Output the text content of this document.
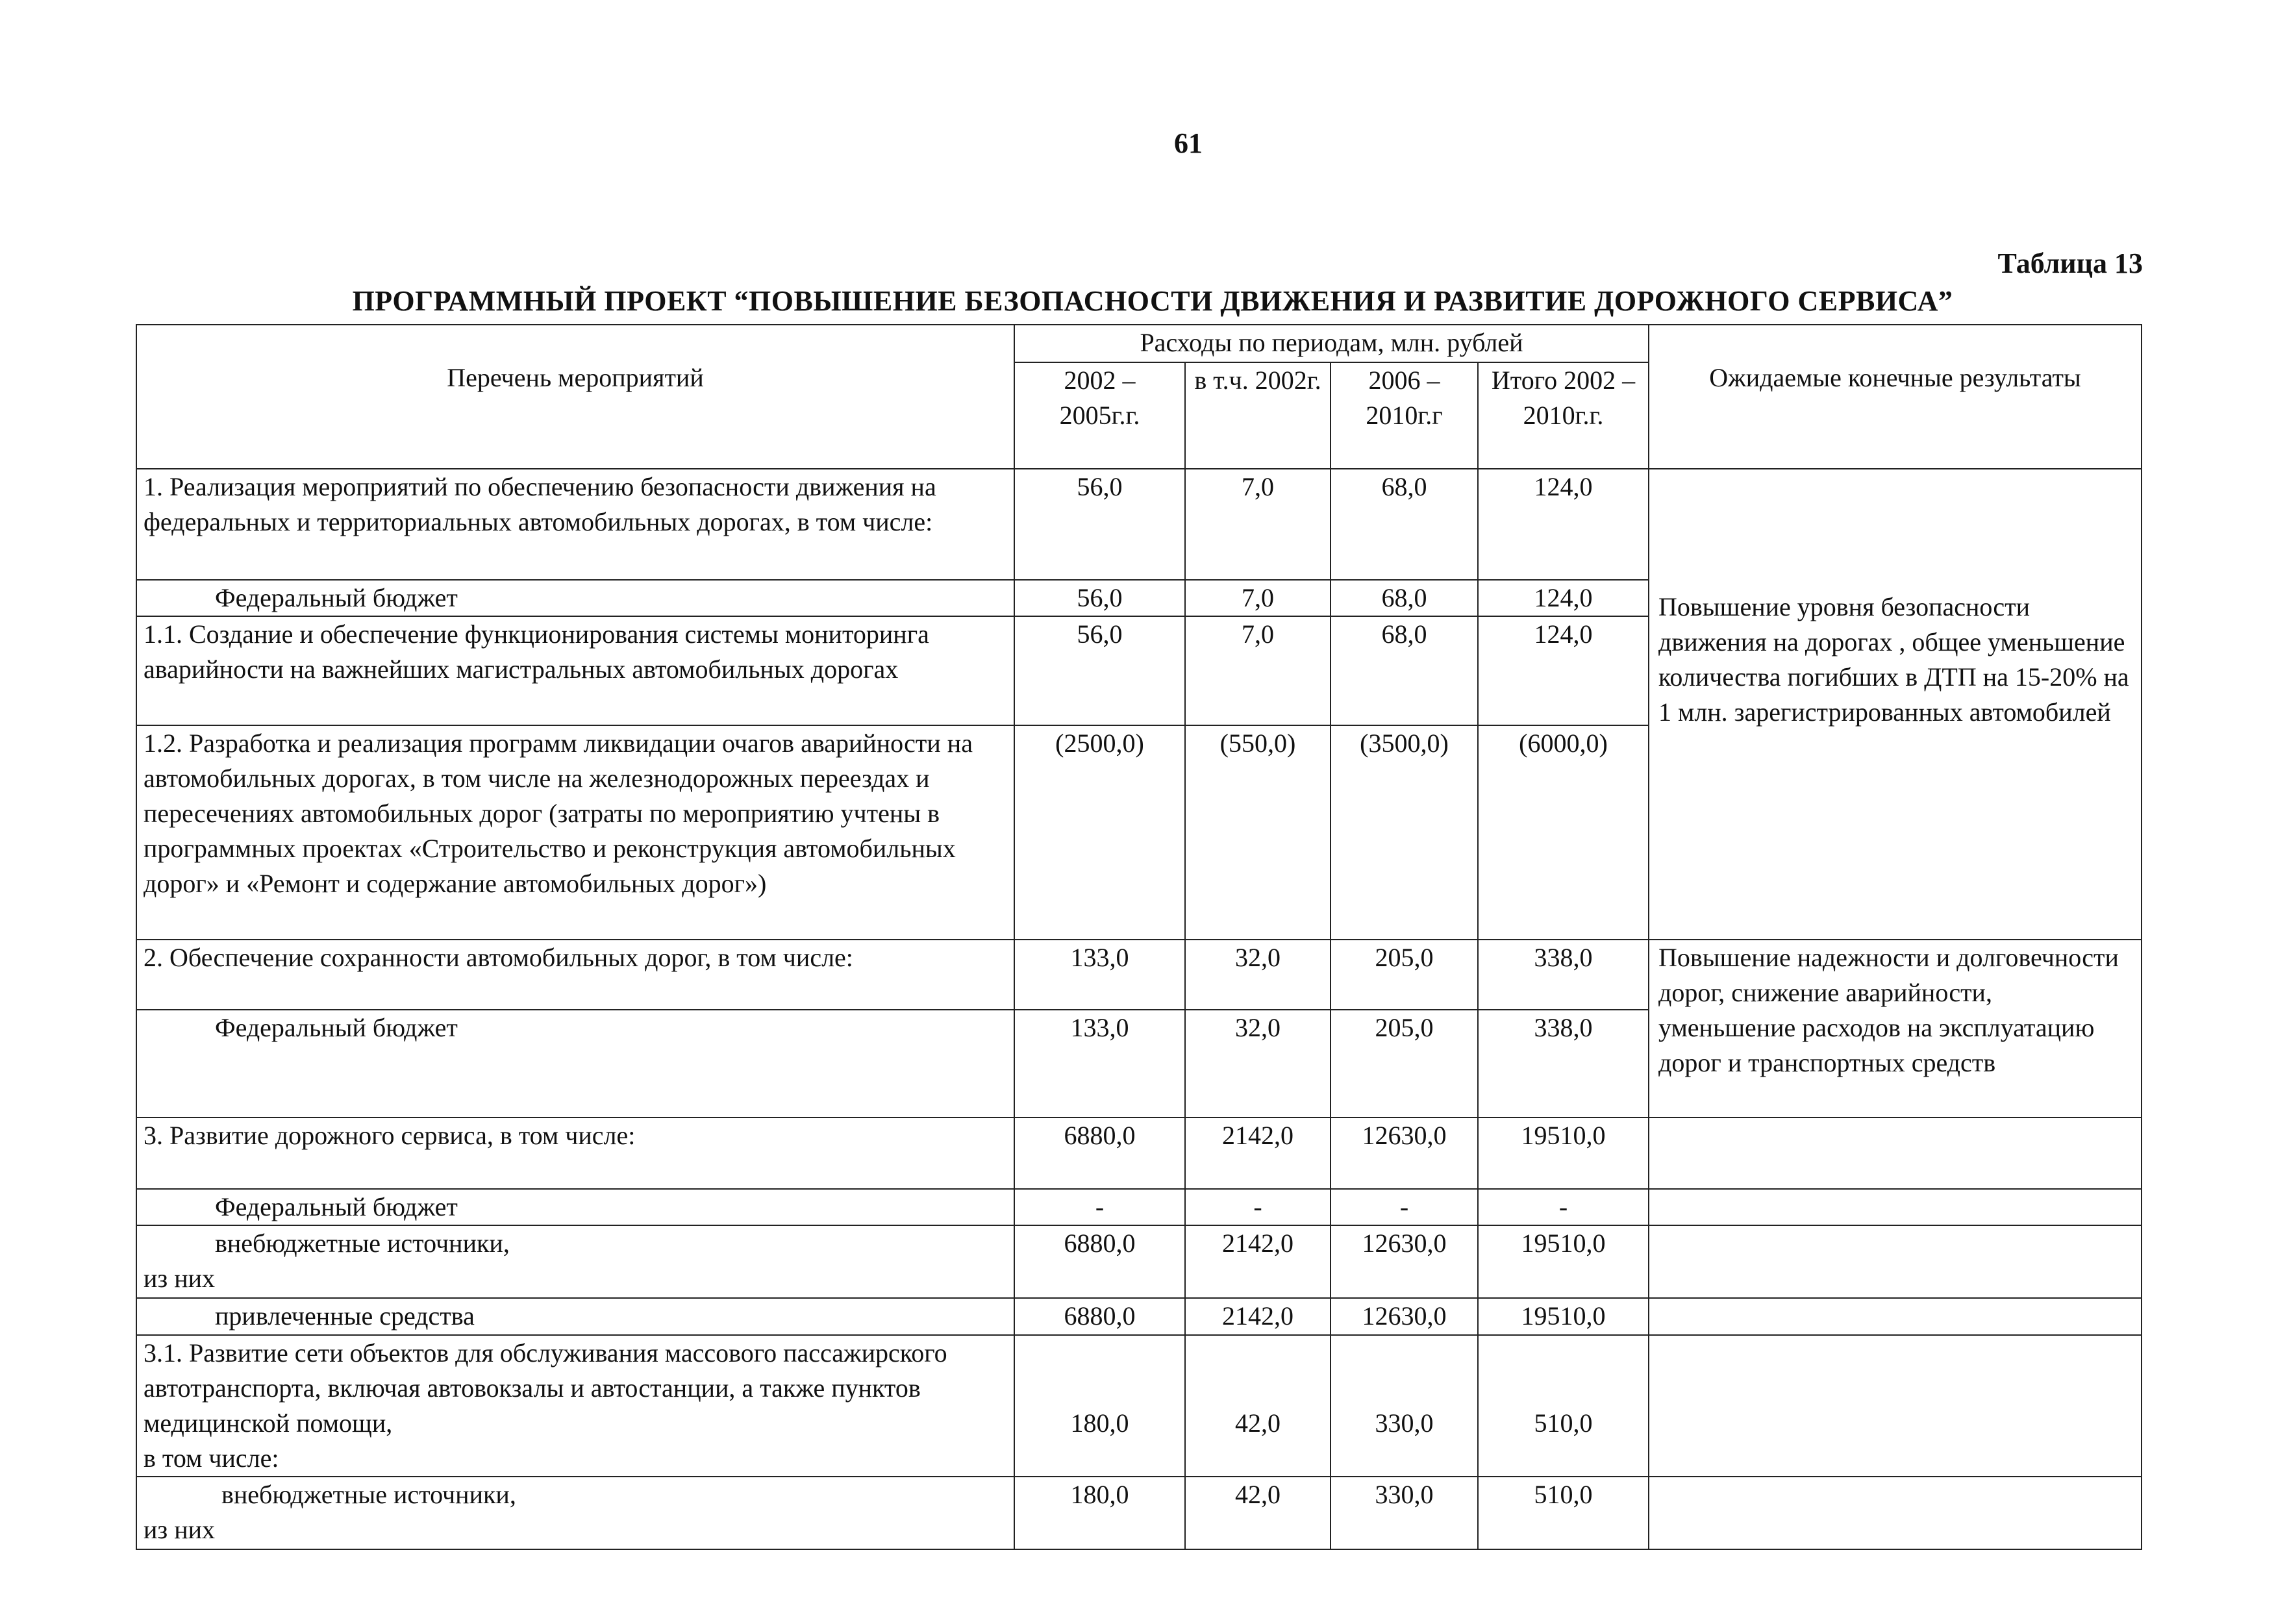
61
Таблица 13
ПРОГРАММНЫЙ ПРОЕКТ “ПОВЫШЕНИЕ БЕЗОПАСНОСТИ ДВИЖЕНИЯ И РАЗВИТИЕ ДОРОЖНОГО СЕРВИСА”
Перечень мероприятий	Расходы по периодам, млн. рублей				Ожидаемые конечные результаты
	2002 – 2005г.г.	в т.ч. 2002г.	2006 – 2010г.г	Итого 2002 – 2010г.г.	
1. Реализация мероприятий по обеспечению безопасности движения на федеральных и территориальных автомобильных дорогах, в том числе:	56,0	7,0	68,0	124,0	Повышение уровня безопасности движения на дорогах , общее уменьшение количества погибших в ДТП на 15-20% на 1 млн. зарегистрированных автомобилей
Федеральный бюджет	56,0	7,0	68,0	124,0	
1.1. Создание и обеспечение функционирования системы мониторинга аварийности на важнейших магистральных автомобильных дорогах	56,0	7,0	68,0	124,0	
1.2. Разработка и реализация программ ликвидации очагов аварийности на автомобильных дорогах, в том числе на железнодорожных переездах и пересечениях автомобильных дорог (затраты по мероприятию учтены в программных проектах «Строительство и реконструкция автомобильных дорог» и «Ремонт и содержание автомобильных дорог»)	(2500,0)	(550,0)	(3500,0)	(6000,0)	
2. Обеспечение сохранности автомобильных дорог, в том числе:	133,0	32,0	205,0	338,0	Повышение надежности и долговечности дорог, снижение аварийности, уменьшение расходов на эксплуатацию дорог и транспортных средств
Федеральный бюджет	133,0	32,0	205,0	338,0	
3. Развитие дорожного сервиса, в том числе:	6880,0	2142,0	12630,0	19510,0	
Федеральный бюджет	-	-	-	-	

внебюджетные источники,
из них	6880,0	2142,0	12630,0	19510,0	
привлеченные средства	6880,0	2142,0	12630,0	19510,0	

3.1. Развитие сети объектов для обслуживания массового пассажирского автотранспорта, включая автовокзалы и автостанции, а также пунктов медицинской помощи,
в том числе:	180,0	42,0	330,0	510,0	

внебюджетные источники,
из них	180,0	42,0	330,0	510,0	
